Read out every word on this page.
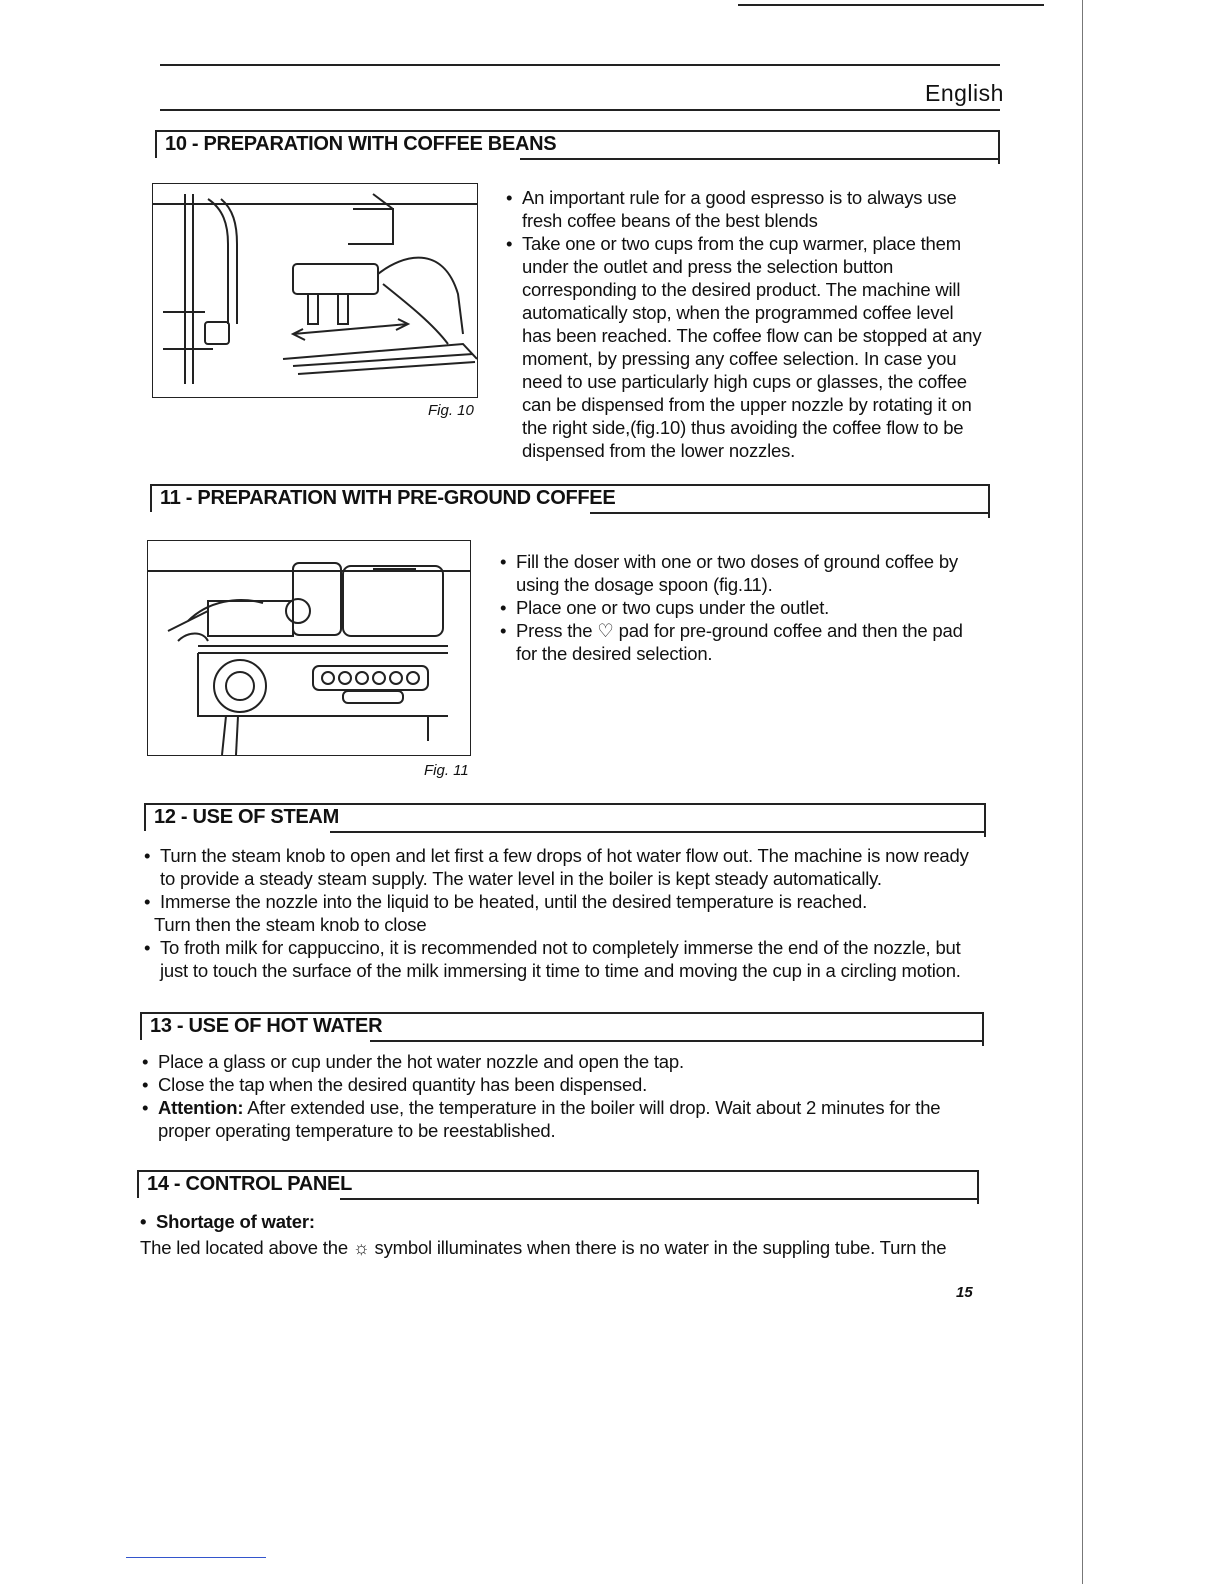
English
10 - PREPARATION WITH COFFEE BEANS
Fig. 10
• An important rule for a good espresso is to always use fresh coffee beans of the best blends
• Take one or two cups from the cup warmer, place them under the outlet and press the selection button corresponding to the desired product. The machine will automatically stop, when the programmed coffee level has been reached. The coffee flow can be stopped at any moment, by pressing any coffee selection. In case you need to use particularly high cups or glasses, the coffee can be dispensed from the upper nozzle by rotating it on the right side,(fig.10) thus avoiding the coffee flow to be dispensed from the lower nozzles.
11 - PREPARATION WITH PRE-GROUND COFFEE
Fig. 11
• Fill the doser with one or two doses of ground coffee by using the dosage spoon (fig.11).
• Place one or two cups under the outlet.
• Press the ♡ pad for pre-ground coffee and then the pad for the desired selection.
12 - USE OF STEAM
• Turn the steam knob to open and let first a few drops of hot water flow out. The machine is now ready to provide a steady steam supply. The water level in the boiler is kept steady automatically.
• Immerse the nozzle into the liquid to be heated, until the desired temperature is reached.
Turn then the steam knob to close
• To froth milk for cappuccino, it is recommended not to completely immerse the end of the nozzle, but just to touch the surface of the milk immersing it time to time and moving the cup in a circling motion.
13 - USE OF HOT WATER
• Place a glass or cup under the hot water nozzle and open the tap.
• Close the tap when the desired quantity has been dispensed.
• Attention: After extended use, the temperature in the boiler will drop. Wait about 2 minutes for the proper operating temperature to be reestablished.
14 - CONTROL PANEL
• Shortage of water:
The led located above the ☼ symbol illuminates when there is no water in the suppling tube. Turn the
15
